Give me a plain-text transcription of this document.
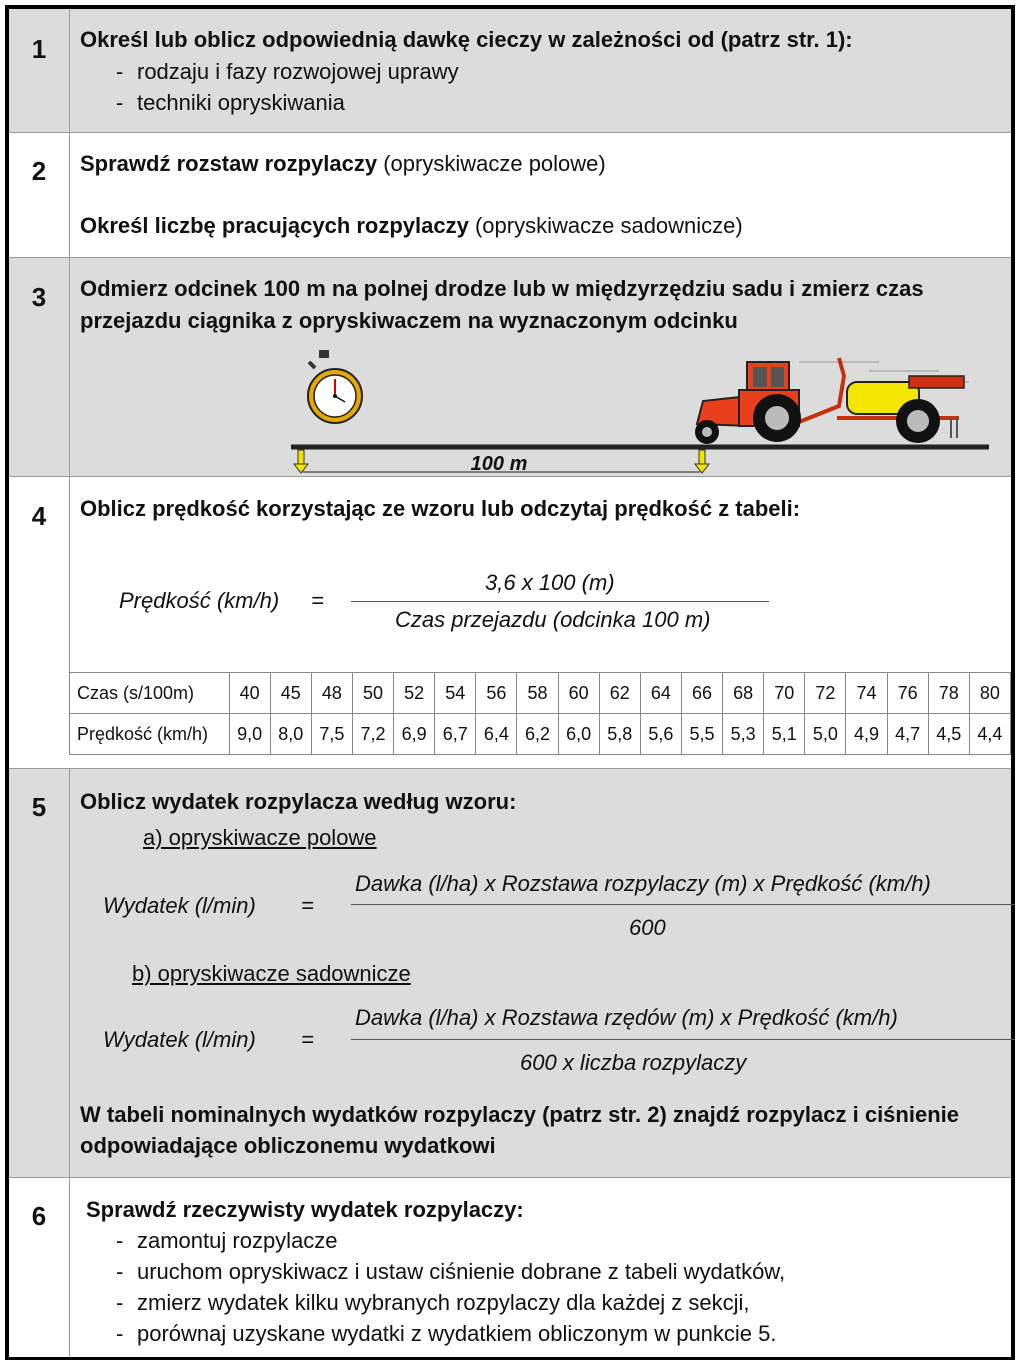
1	Określ lub oblicz odpowiednią dawkę cieczy w zależności od (patrz str. 1):
- rodzaju i fazy rozwojowej uprawy
- techniki opryskiwania
2	Sprawdź rozstaw rozpylaczy (opryskiwacze polowe)
Określ liczbę pracujących rozpylaczy (opryskiwacze sadownicze)
3	Odmierz odcinek 100 m na polnej drodze lub w międzyrzędziu sadu i zmierz czas
przejazdu ciągnika z opryskiwaczem na wyznaczonym odcinku
100 m
4	Oblicz prędkość korzystając ze wzoru lub odczytaj prędkość z tabeli:
Prędkość (km/h) =
3,6 x 100 (m)
Czas przejazdu (odcinka 100 m)
Czas (s/100m)	40	45	48	50	52	54	56	58	60	62	64	66	68	70	72	74	76	78	80
Prędkość (km/h)	9,0	8,0	7,5	7,2	6,9	6,7	6,4	6,2	6,0	5,8	5,6	5,5	5,3	5,1	5,0	4,9	4,7	4,5	4,4
5	Oblicz wydatek rozpylacza według wzoru:
a) opryskiwacze polowe
Wydatek (l/min) =
Dawka (l/ha) x Rozstawa rozpylaczy (m) x Prędkość (km/h)
600
b) opryskiwacze sadownicze
Wydatek (l/min) =
Dawka (l/ha) x Rozstawa rzędów (m) x Prędkość (km/h)
600 x liczba rozpylaczy
W tabeli nominalnych wydatków rozpylaczy (patrz str. 2) znajdź rozpylacz i ciśnienie
odpowiadające obliczonemu wydatkowi
6	Sprawdź rzeczywisty wydatek rozpylaczy:
- zamontuj rozpylacze
- uruchom opryskiwacz i ustaw ciśnienie dobrane z tabeli wydatków,
- zmierz wydatek kilku wybranych rozpylaczy dla każdej z sekcji,
- porównaj uzyskane wydatki z wydatkiem obliczonym w punkcie 5.
